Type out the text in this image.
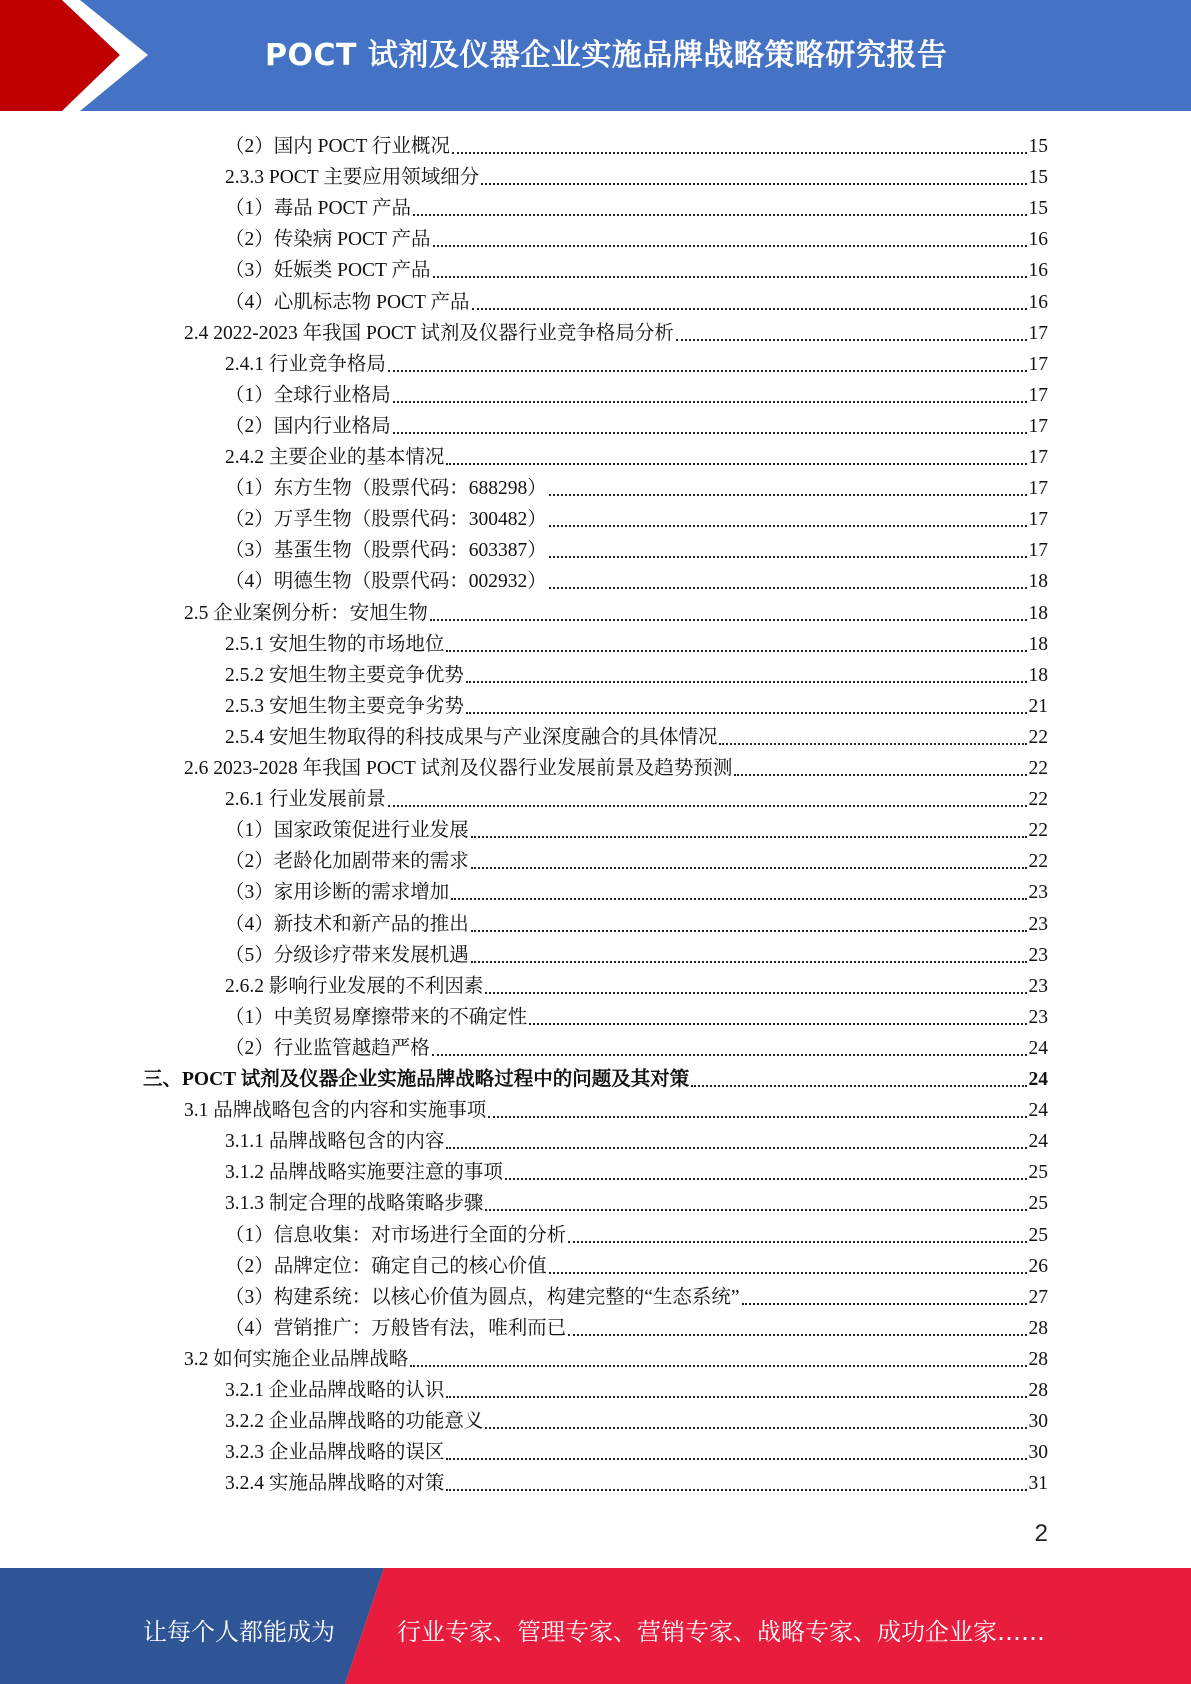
POCT 试剂及仪器企业实施品牌战略策略研究报告
（2）国内 POCT 行业概况	15
2.3.3 POCT 主要应用领域细分	15
（1）毒品 POCT 产品	15
（2）传染病 POCT 产品	16
（3）妊娠类 POCT 产品	16
（4）心肌标志物 POCT 产品	16
2.4 2022-2023 年我国 POCT 试剂及仪器行业竞争格局分析	17
2.4.1 行业竞争格局	17
（1）全球行业格局	17
（2）国内行业格局	17
2.4.2 主要企业的基本情况	17
（1）东方生物（股票代码：688298）	17
（2）万孚生物（股票代码：300482）	17
（3）基蛋生物（股票代码：603387）	17
（4）明德生物（股票代码：002932）	18
2.5 企业案例分析：安旭生物	18
2.5.1 安旭生物的市场地位	18
2.5.2 安旭生物主要竞争优势	18
2.5.3 安旭生物主要竞争劣势	21
2.5.4 安旭生物取得的科技成果与产业深度融合的具体情况	22
2.6 2023-2028 年我国 POCT 试剂及仪器行业发展前景及趋势预测	22
2.6.1 行业发展前景	22
（1）国家政策促进行业发展	22
（2）老龄化加剧带来的需求	22
（3）家用诊断的需求增加	23
（4）新技术和新产品的推出	23
（5）分级诊疗带来发展机遇	23
2.6.2 影响行业发展的不利因素	23
（1）中美贸易摩擦带来的不确定性	23
（2）行业监管越趋严格	24
三、POCT 试剂及仪器企业实施品牌战略过程中的问题及其对策	24
3.1 品牌战略包含的内容和实施事项	24
3.1.1 品牌战略包含的内容	24
3.1.2 品牌战略实施要注意的事项	25
3.1.3 制定合理的战略策略步骤	25
（1）信息收集：对市场进行全面的分析	25
（2）品牌定位：确定自己的核心价值	26
（3）构建系统：以核心价值为圆点，构建完整的“生态系统”	27
（4）营销推广：万般皆有法，唯利而已	28
3.2 如何实施企业品牌战略	28
3.2.1 企业品牌战略的认识	28
3.2.2 企业品牌战略的功能意义	30
3.2.3 企业品牌战略的误区	30
3.2.4 实施品牌战略的对策	31
2
让每个人都能成为	行业专家、管理专家、营销专家、战略专家、成功企业家……
